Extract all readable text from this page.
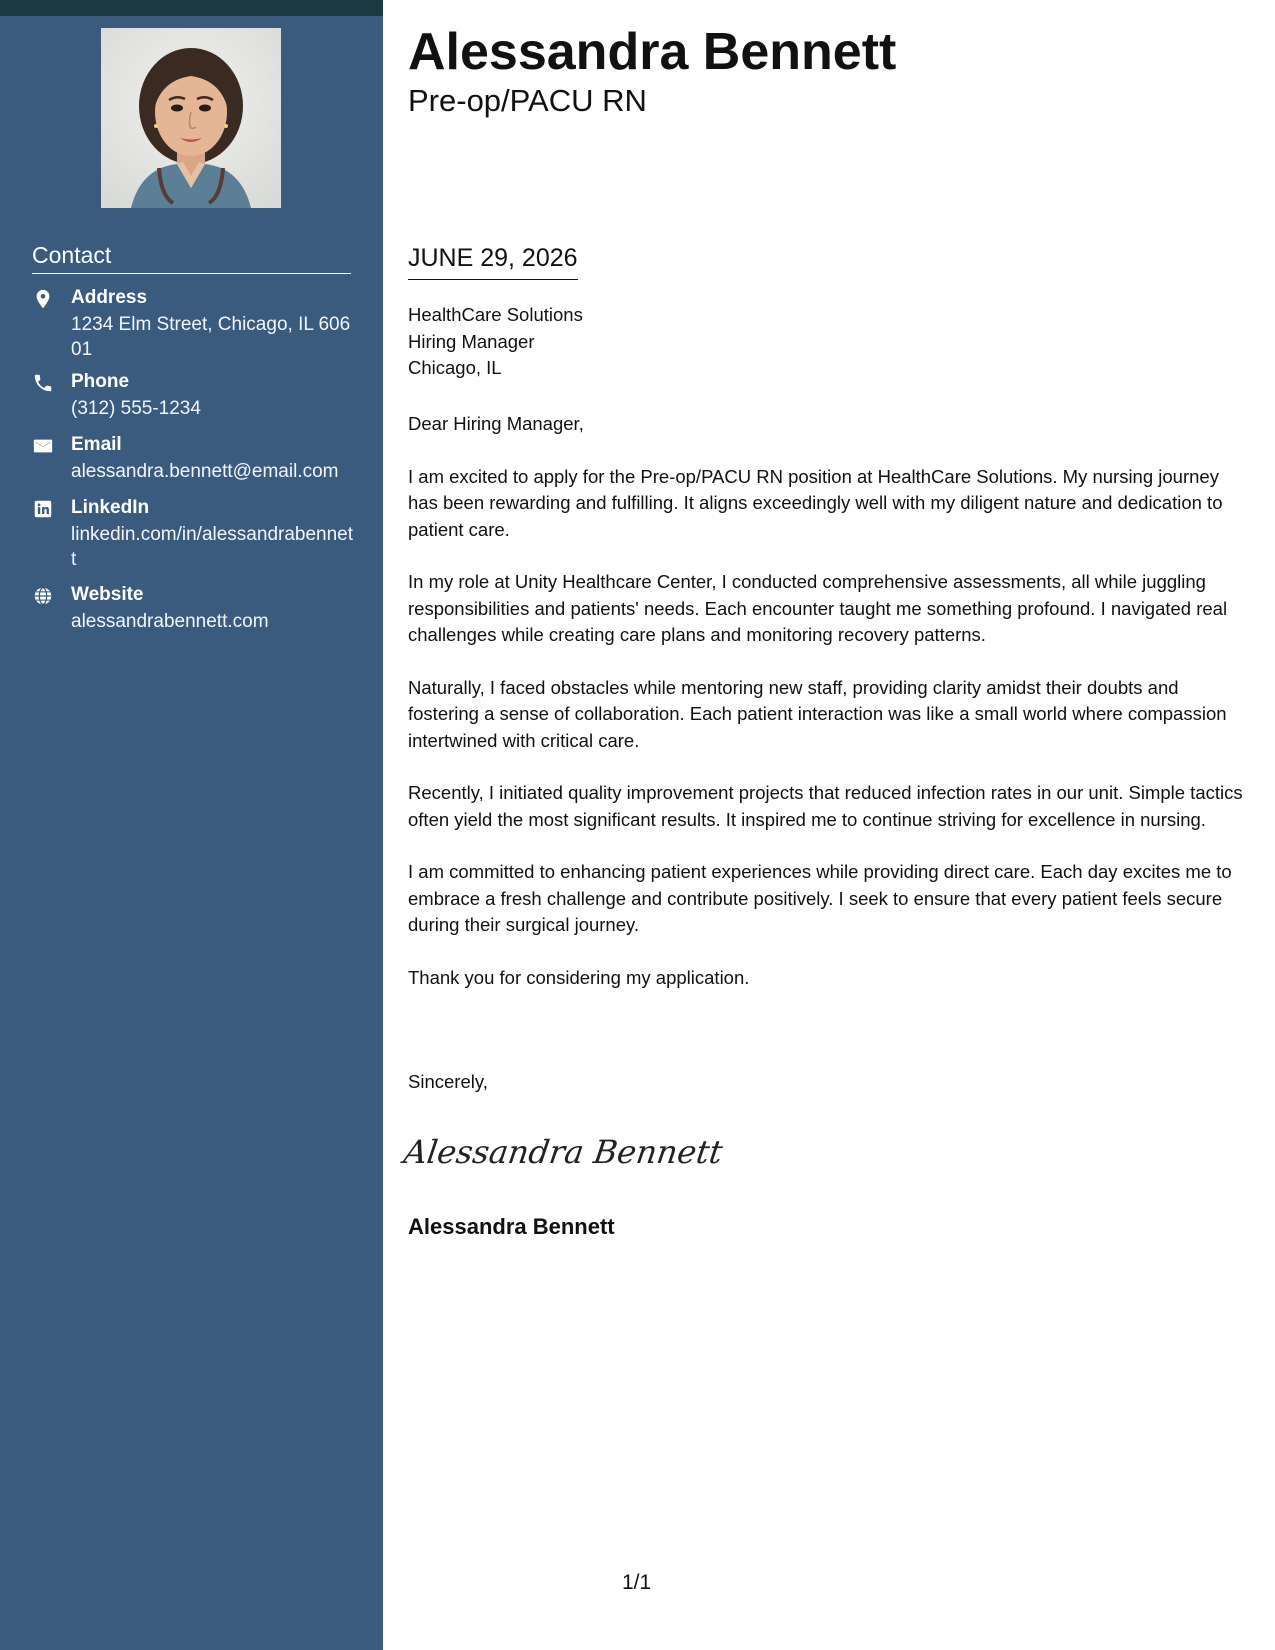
Contact
Address
1234 Elm Street, Chicago, IL 60601
Phone
(312) 555-1234
Email
alessandra.bennett@email.com
LinkedIn
linkedin.com/in/alessandrabennett
Website
alessandrabennett.com
Alessandra Bennett
Pre-op/PACU RN
JUNE 29, 2026
HealthCare Solutions
Hiring Manager
Chicago, IL

Dear Hiring Manager,

I am excited to apply for the Pre-op/PACU RN position at HealthCare Solutions. My nursing journey has been rewarding and fulfilling. It aligns exceedingly well with my diligent nature and dedication to patient care.

In my role at Unity Healthcare Center, I conducted comprehensive assessments, all while juggling responsibilities and patients' needs. Each encounter taught me something profound. I navigated real challenges while creating care plans and monitoring recovery patterns.

Naturally, I faced obstacles while mentoring new staff, providing clarity amidst their doubts and fostering a sense of collaboration. Each patient interaction was like a small world where compassion intertwined with critical care.

Recently, I initiated quality improvement projects that reduced infection rates in our unit. Simple tactics often yield the most significant results. It inspired me to continue striving for excellence in nursing.

I am committed to enhancing patient experiences while providing direct care. Each day excites me to embrace a fresh challenge and contribute positively. I seek to ensure that every patient feels secure during their surgical journey.

Thank you for considering my application.

Sincerely,
Alessandra Bennett
Alessandra Bennett
1/1
